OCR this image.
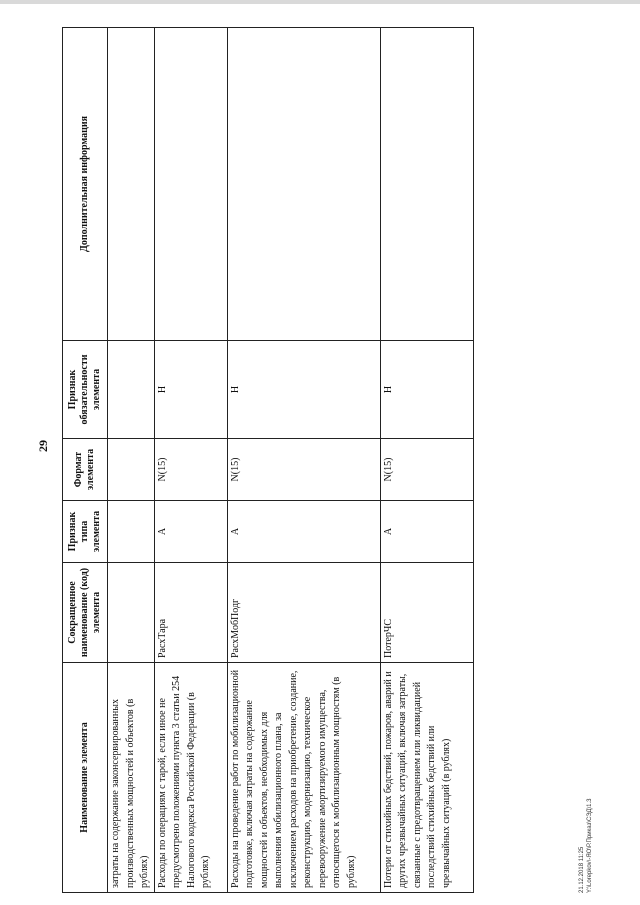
29
Наименование элемента	Сокращенное наименование (код) элемента	Признак типа элемента	Формат элемента	Признак обязательности элемента	Дополнительная информация
затраты на содержание законсервированных производственных мощностей и объектов (в рублях)					
Расходы по операциям с тарой, если иное не предусмотрено положениями пункта 3 статьи 254 Налогового кодекса Российской Федерации (в рублях)	РасхТара	А	N(15)	Н	
Расходы на проведение работ по мобилизационной подготовке, включая затраты на содержание мощностей и объектов, необходимых для выполнения мобилизационного плана, за исключением расходов на приобретение, создание, реконструкцию, модернизацию, техническое перевооружение амортизируемого имущества, относящегося к мобилизационным мощностям (в рублях)	РасхМобПодг	А	N(15)	Н	
Потери от стихийных бедствий, пожаров, аварий и других чрезвычайных ситуаций, включая затраты, связанные с предотвращением или ликвидацией последствий стихийных бедствий или чрезвычайных ситуаций (в рублях)	ПотерЧС	А	N(15)	Н	
21.12.2018 11:25 Y:\Lorepkov\-ЯО\Р.Приказ\СЭД\1.3
